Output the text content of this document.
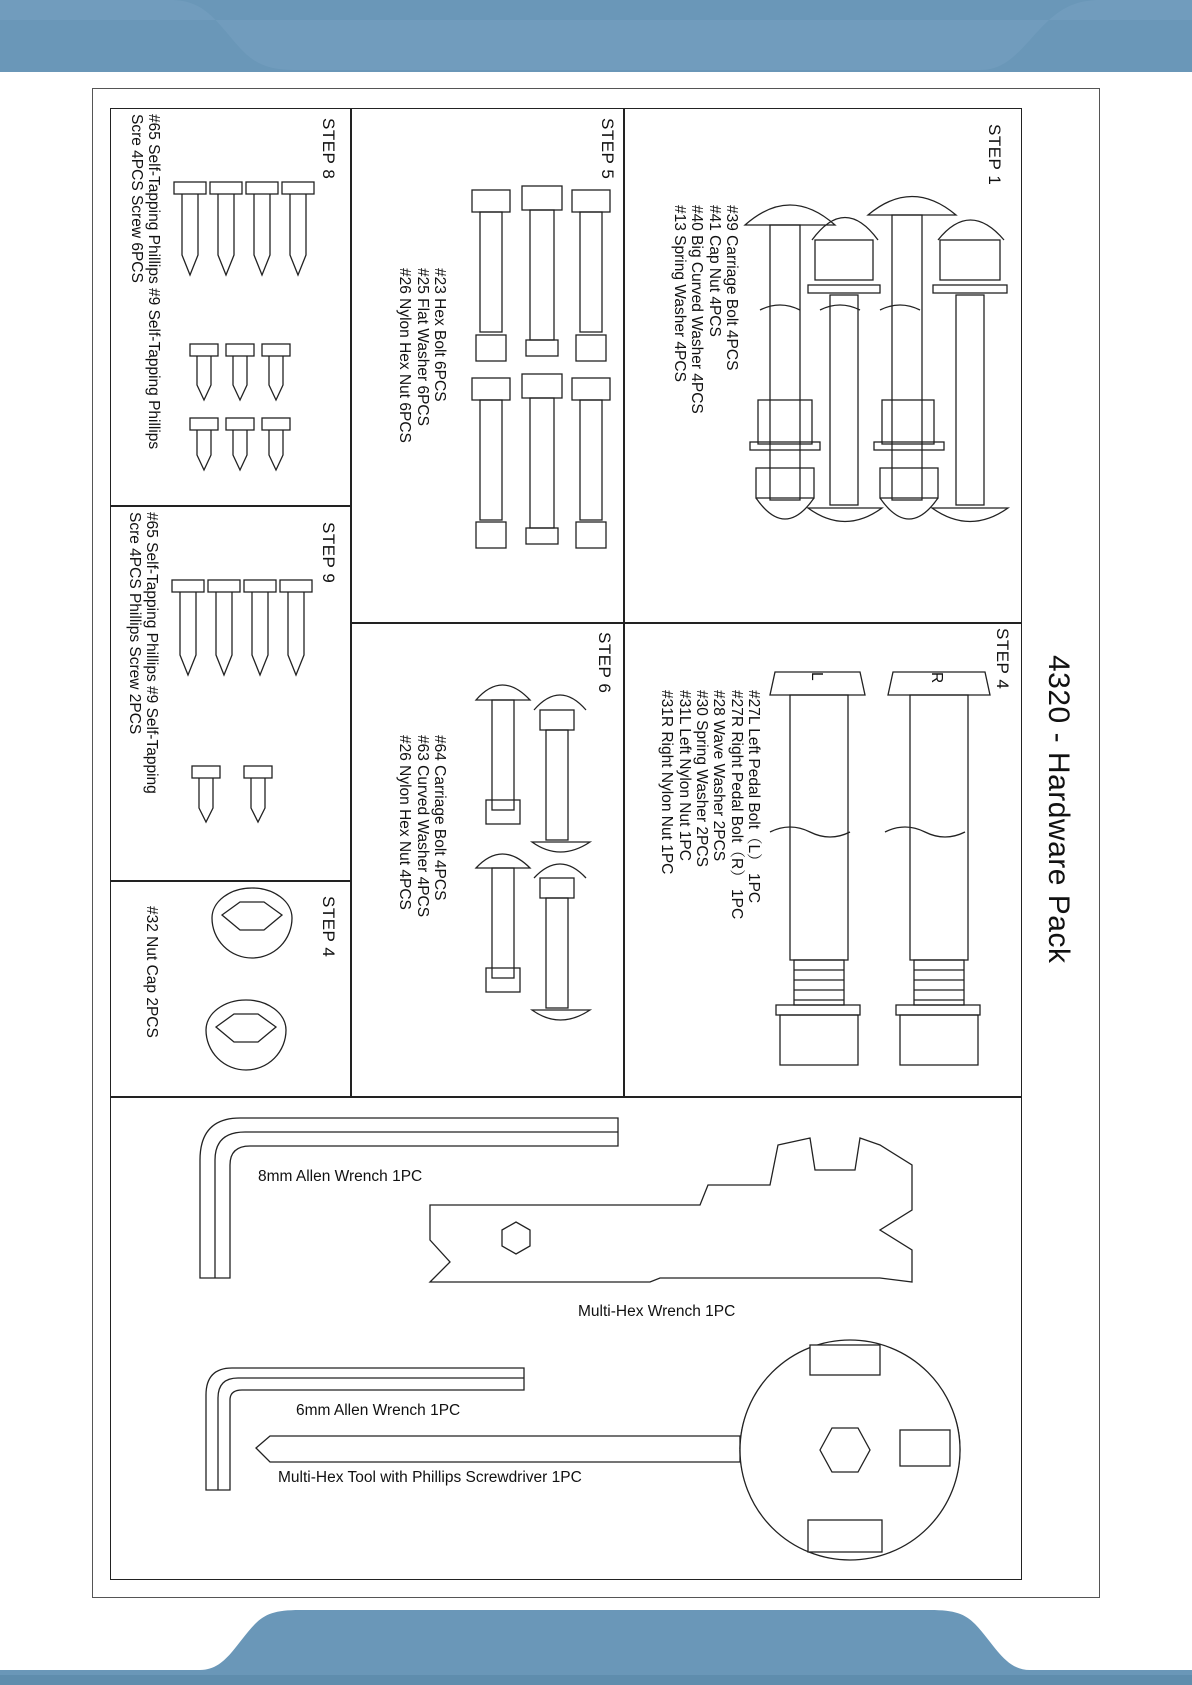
4320 - Hardware Pack
STEP 1
#39 Carriage Bolt 4PCS
#41 Cap Nut 4PCS
#40 Big Curved Washer 4PCS
#13 Spring Washer 4PCS
STEP 4
#27L Left Pedal Bolt（L） 1PC
#27R Right Pedal Bolt（R） 1PC
#28 Wave Washer 2PCS
#30 Spring Washer 2PCS
#31L Left Nylon Nut 1PC
#31R Right Nylon Nut 1PC
L	R
STEP 5
#23 Hex Bolt 6PCS
#25 Flat Washer 6PCS
#26 Nylon Hex Nut 6PCS
STEP 6
#64 Carriage Bolt 4PCS
#63 Curved Washer 4PCS
#26 Nylon Hex Nut 4PCS
STEP 8
#65 Self-Tapping Phillips #9 Self-Tapping Phillips
Scre 4PCS Screw 6PCS
STEP 9
#65 Self-Tapping Phillips #9 Self-Tapping
Scre 4PCS Phillips Screw 2PCS
STEP 4
#32 Nut Cap 2PCS
8mm Allen Wrench 1PC
Multi-Hex Wrench 1PC
6mm Allen Wrench 1PC
Multi-Hex Tool with Phillips Screwdriver 1PC
